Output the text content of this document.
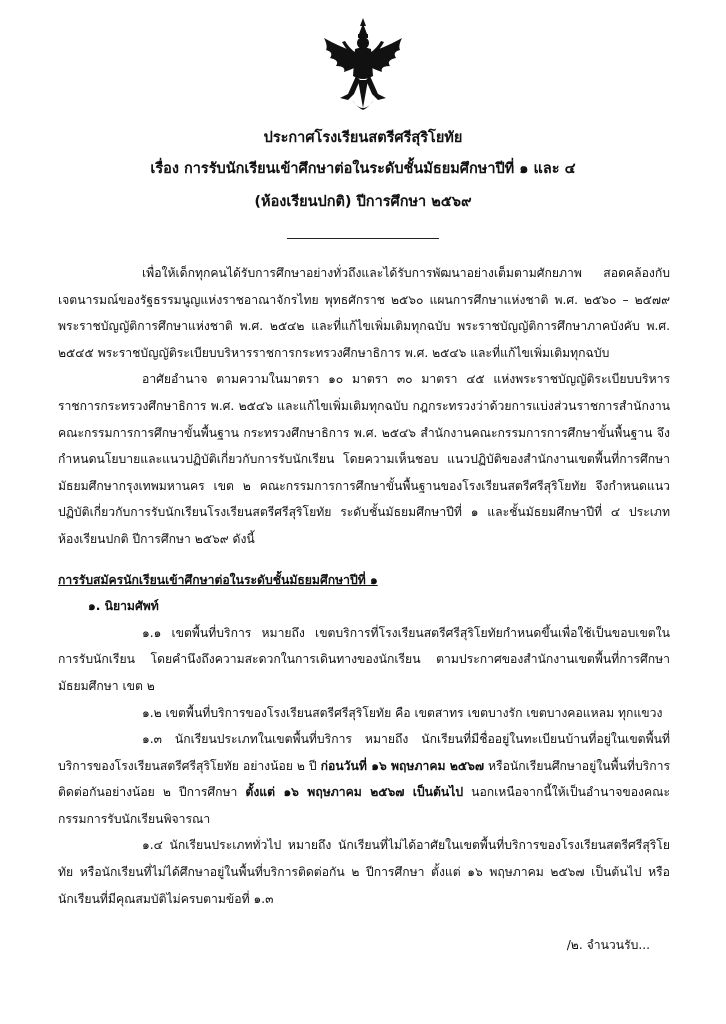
ประกาศโรงเรียนสตรีศรีสุริโยทัย
เรื่อง การรับนักเรียนเข้าศึกษาต่อในระดับชั้นมัธยมศึกษาปีที่ ๑ และ ๔
(ห้องเรียนปกติ) ปีการศึกษา ๒๕๖๙

เพื่อให้เด็กทุกคนได้รับการศึกษาอย่างทั่วถึงและได้รับการพัฒนาอย่างเต็มตามศักยภาพ สอดคล้องกับเจตนารมณ์ของรัฐธรรมนูญแห่งราชอาณาจักรไทย พุทธศักราช ๒๕๖๐ แผนการศึกษาแห่งชาติ พ.ศ. ๒๕๖๐ – ๒๕๗๙ พระราชบัญญัติการศึกษาแห่งชาติ พ.ศ. ๒๕๔๒ และที่แก้ไขเพิ่มเติมทุกฉบับ พระราชบัญญัติการศึกษาภาคบังคับ พ.ศ. ๒๕๔๕ พระราชบัญญัติระเบียบบริหารราชการกระทรวงศึกษาธิการ พ.ศ. ๒๕๔๖ และที่แก้ไขเพิ่มเติมทุกฉบับ

อาศัยอำนาจ ตามความในมาตรา ๑๐ มาตรา ๓๐ มาตรา ๔๕ แห่งพระราชบัญญัติระเบียบบริหารราชการกระทรวงศึกษาธิการ พ.ศ. ๒๕๔๖ และแก้ไขเพิ่มเติมทุกฉบับ กฎกระทรวงว่าด้วยการแบ่งส่วนราชการสำนักงานคณะกรรมการการศึกษาขั้นพื้นฐาน กระทรวงศึกษาธิการ พ.ศ. ๒๕๔๖ สำนักงานคณะกรรมการการศึกษาขั้นพื้นฐาน จึงกำหนดนโยบายและแนวปฏิบัติเกี่ยวกับการรับนักเรียน โดยความเห็นชอบ แนวปฏิบัติของสำนักงานเขตพื้นที่การศึกษามัธยมศึกษากรุงเทพมหานคร เขต ๒ คณะกรรมการการศึกษาขั้นพื้นฐานของโรงเรียนสตรีศรีสุริโยทัย จึงกำหนดแนวปฏิบัติเกี่ยวกับการรับนักเรียนโรงเรียนสตรีศรีสุริโยทัย ระดับชั้นมัธยมศึกษาปีที่ ๑ และชั้นมัธยมศึกษาปีที่ ๔ ประเภทห้องเรียนปกติ ปีการศึกษา ๒๕๖๙ ดังนี้

การรับสมัครนักเรียนเข้าศึกษาต่อในระดับชั้นมัธยมศึกษาปีที่ ๑

๑. นิยามศัพท์

๑.๑ เขตพื้นที่บริการ หมายถึง เขตบริการที่โรงเรียนสตรีศรีสุริโยทัยกำหนดขึ้นเพื่อใช้เป็นขอบเขตในการรับนักเรียน โดยคำนึงถึงความสะดวกในการเดินทางของนักเรียน ตามประกาศของสำนักงานเขตพื้นที่การศึกษามัธยมศึกษา เขต ๒

๑.๒ เขตพื้นที่บริการของโรงเรียนสตรีศรีสุริโยทัย คือ เขตสาทร เขตบางรัก เขตบางคอแหลม ทุกแขวง

๑.๓ นักเรียนประเภทในเขตพื้นที่บริการ หมายถึง นักเรียนที่มีชื่ออยู่ในทะเบียนบ้านที่อยู่ในเขตพื้นที่บริการของโรงเรียนสตรีศรีสุริโยทัย อย่างน้อย ๒ ปี ก่อนวันที่ ๑๖ พฤษภาคม ๒๕๖๗ หรือนักเรียนศึกษาอยู่ในพื้นที่บริการติดต่อกันอย่างน้อย ๒ ปีการศึกษา ตั้งแต่ ๑๖ พฤษภาคม ๒๕๖๗ เป็นต้นไป นอกเหนือจากนี้ให้เป็นอำนาจของคณะกรรมการรับนักเรียนพิจารณา

๑.๔ นักเรียนประเภททั่วไป หมายถึง นักเรียนที่ไม่ได้อาศัยในเขตพื้นที่บริการของโรงเรียนสตรีศรีสุริโยทัย หรือนักเรียนที่ไม่ได้ศึกษาอยู่ในพื้นที่บริการติดต่อกัน ๒ ปีการศึกษา ตั้งแต่ ๑๖ พฤษภาคม ๒๕๖๗ เป็นต้นไป หรือนักเรียนที่มีคุณสมบัติไม่ครบตามข้อที่ ๑.๓

/๒. จำนวนรับ...
